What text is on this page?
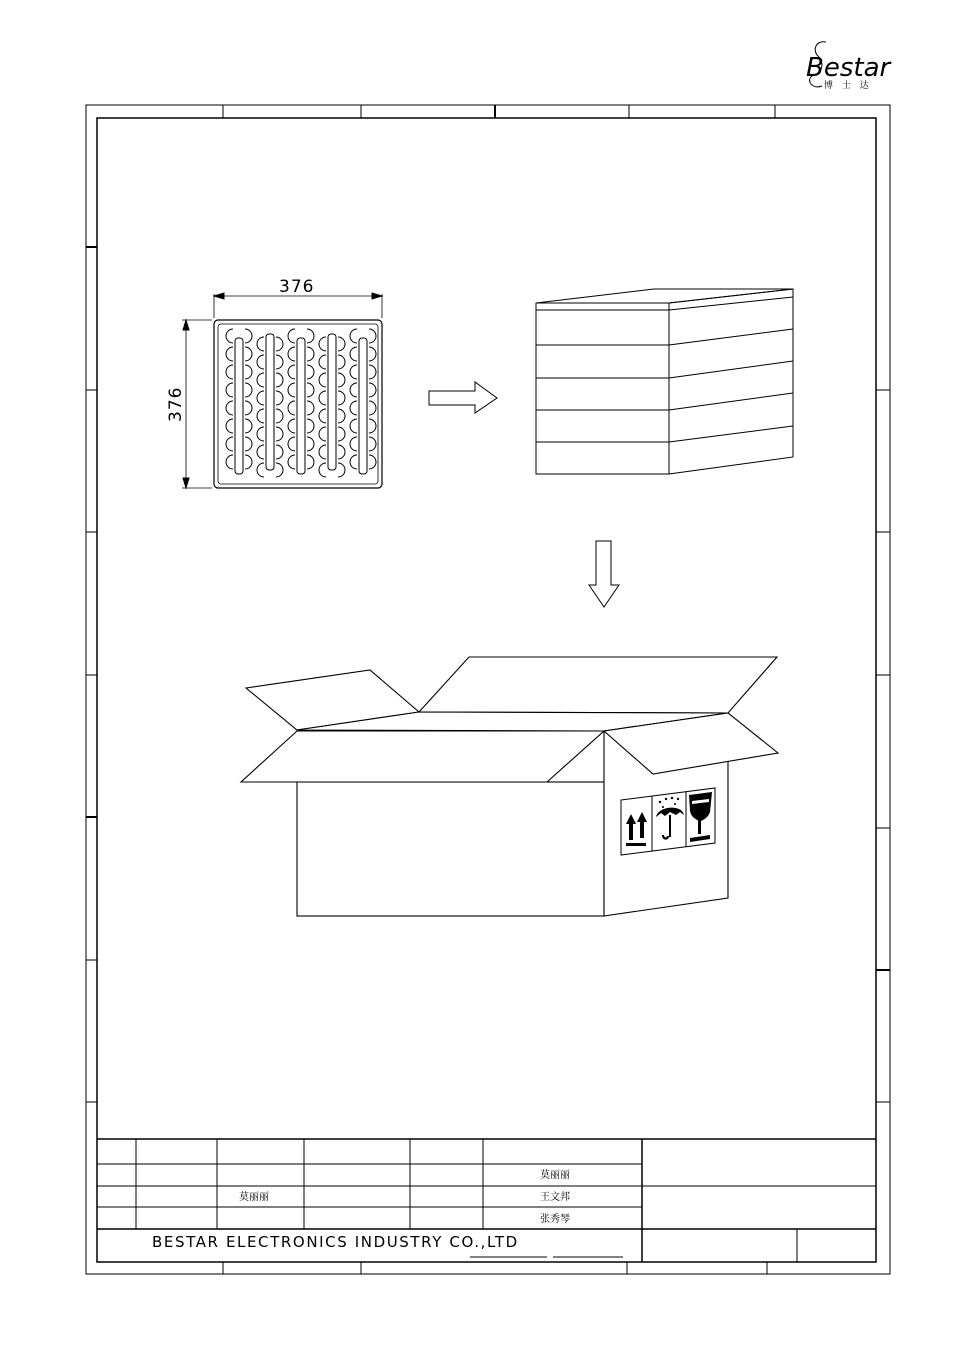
Bestar
博 士 达
376
376
莫丽丽
王文邦
张秀琴
莫丽丽
BESTAR ELECTRONICS INDUSTRY CO.,LTD
